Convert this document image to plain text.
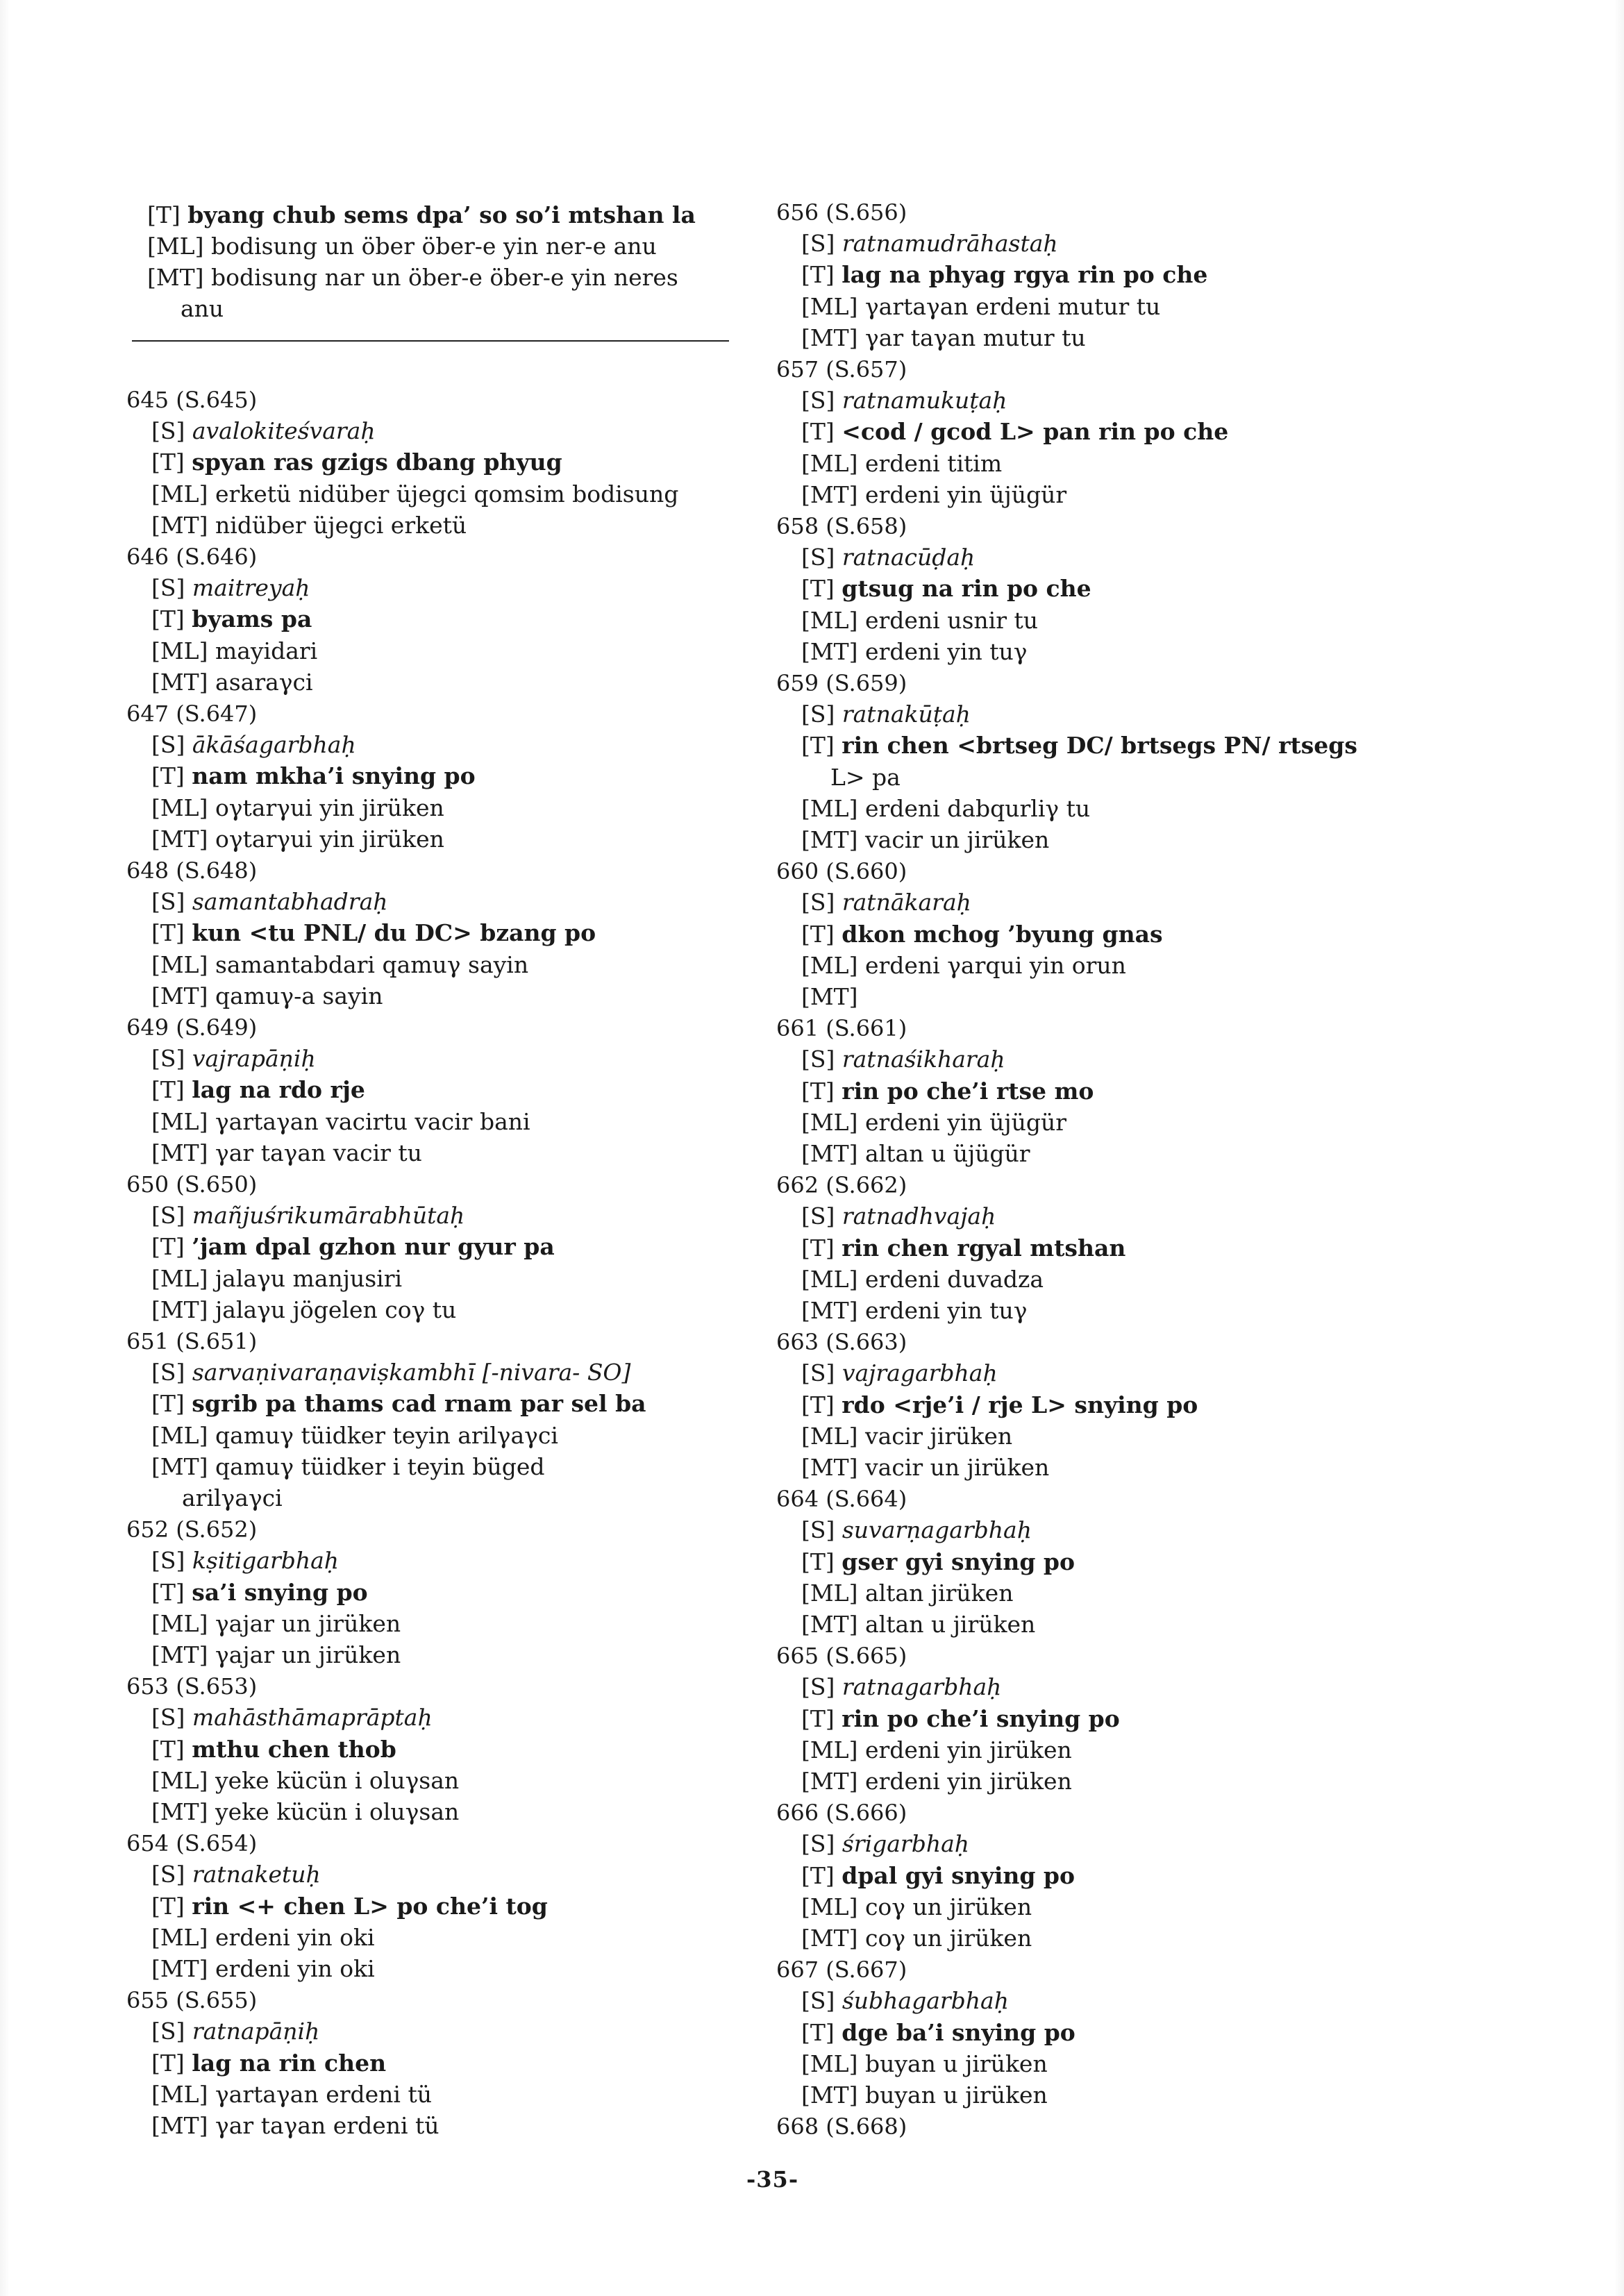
[T] byang chub sems dpa’ so so’i mtshan la
[ML] bodisung un öber öber-e yin ner-e anu
[MT] bodisung nar un öber-e öber-e yin neres
anu
645 (S.645)
[S] avalokiteśvaraḥ
[T] spyan ras gzigs dbang phyug
[ML] erketü nidüber üjegci qomsim bodisung
[MT] nidüber üjegci erketü
646 (S.646)
[S] maitreyaḥ
[T] byams pa
[ML] mayidari
[MT] asaraγci
647 (S.647)
[S] ākāśagarbhaḥ
[T] nam mkha’i snying po
[ML] oγtarγui yin jirüken
[MT] oγtarγui yin jirüken
648 (S.648)
[S] samantabhadraḥ
[T] kun <tu PNL/ du DC> bzang po
[ML] samantabdari qamuγ sayin
[MT] qamuγ-a sayin
649 (S.649)
[S] vajrapāṇiḥ
[T] lag na rdo rje
[ML] γartaγan vacirtu vacir bani
[MT] γar taγan vacir tu
650 (S.650)
[S] mañjuśrikumārabhūtaḥ
[T] ’jam dpal gzhon nur gyur pa
[ML] jalaγu manjusiri
[MT] jalaγu jögelen coγ tu
651 (S.651)
[S] sarvaṇivaraṇaviṣkambhī [-nivara- SO]
[T] sgrib pa thams cad rnam par sel ba
[ML] qamuγ tüidker teyin arilγaγci
[MT] qamuγ tüidker i teyin büged
arilγaγci
652 (S.652)
[S] kṣitigarbhaḥ
[T] sa’i snying po
[ML] γajar un jirüken
[MT] γajar un jirüken
653 (S.653)
[S] mahāsthāmaprāptaḥ
[T] mthu chen thob
[ML] yeke kücün i oluγsan
[MT] yeke kücün i oluγsan
654 (S.654)
[S] ratnaketuḥ
[T] rin <+ chen L> po che’i tog
[ML] erdeni yin oki
[MT] erdeni yin oki
655 (S.655)
[S] ratnapāṇiḥ
[T] lag na rin chen
[ML] γartaγan erdeni tü
[MT] γar taγan erdeni tü
656 (S.656)
[S] ratnamudrāhastaḥ
[T] lag na phyag rgya rin po che
[ML] γartaγan erdeni mutur tu
[MT] γar taγan mutur tu
657 (S.657)
[S] ratnamukuṭaḥ
[T] <cod / gcod L> pan rin po che
[ML] erdeni titim
[MT] erdeni yin üjügür
658 (S.658)
[S] ratnacūḍaḥ
[T] gtsug na rin po che
[ML] erdeni usnir tu
[MT] erdeni yin tuγ
659 (S.659)
[S] ratnakūṭaḥ
[T] rin chen <brtseg DC/ brtsegs PN/ rtsegs
L> pa
[ML] erdeni dabqurliγ tu
[MT] vacir un jirüken
660 (S.660)
[S] ratnākaraḥ
[T] dkon mchog ’byung gnas
[ML] erdeni γarqui yin orun
[MT]
661 (S.661)
[S] ratnaśikharaḥ
[T] rin po che’i rtse mo
[ML] erdeni yin üjügür
[MT] altan u üjügür
662 (S.662)
[S] ratnadhvajaḥ
[T] rin chen rgyal mtshan
[ML] erdeni duvadza
[MT] erdeni yin tuγ
663 (S.663)
[S] vajragarbhaḥ
[T] rdo <rje’i / rje L> snying po
[ML] vacir jirüken
[MT] vacir un jirüken
664 (S.664)
[S] suvarṇagarbhaḥ
[T] gser gyi snying po
[ML] altan jirüken
[MT] altan u jirüken
665 (S.665)
[S] ratnagarbhaḥ
[T] rin po che’i snying po
[ML] erdeni yin jirüken
[MT] erdeni yin jirüken
666 (S.666)
[S] śrigarbhaḥ
[T] dpal gyi snying po
[ML] coγ un jirüken
[MT] coγ un jirüken
667 (S.667)
[S] śubhagarbhaḥ
[T] dge ba’i snying po
[ML] buyan u jirüken
[MT] buyan u jirüken
668 (S.668)
-35-
